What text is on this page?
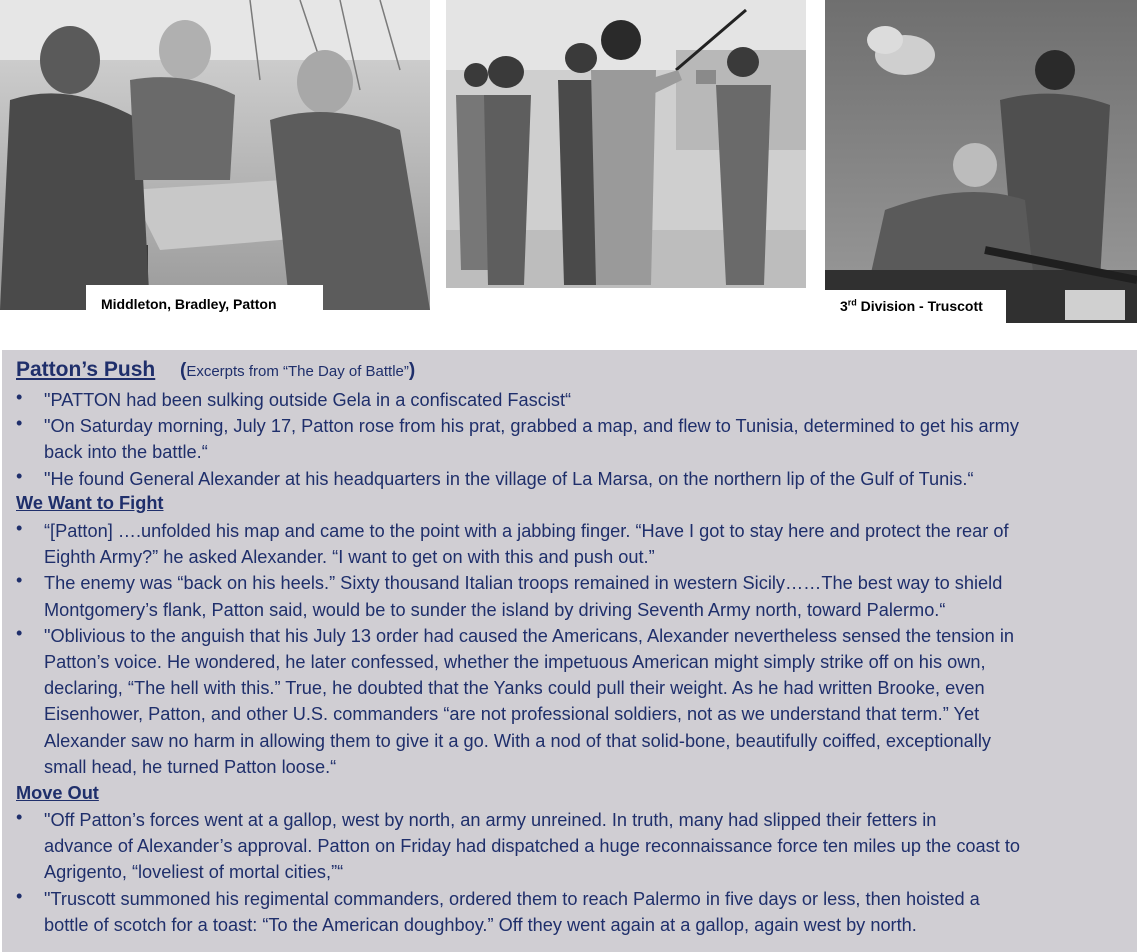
Middleton, Bradley, Patton	3rd Division - Truscott
Patton’s Push (Excerpts from “The Day of Battle”)
• "PATTON had been sulking outside Gela in a confiscated Fascist“
• "On Saturday morning, July 17, Patton rose from his prat, grabbed a map, and flew to Tunisia, determined to get his army
back into the battle.“
• "He found General Alexander at his headquarters in the village of La Marsa, on the northern lip of the Gulf of Tunis.“
We Want to Fight
• “[Patton] ….unfolded his map and came to the point with a jabbing finger. “Have I got to stay here and protect the rear of
Eighth Army?” he asked Alexander. “I want to get on with this and push out.”
• The enemy was “back on his heels.” Sixty thousand Italian troops remained in western Sicily……The best way to shield
Montgomery’s flank, Patton said, would be to sunder the island by driving Seventh Army north, toward Palermo.“
• "Oblivious to the anguish that his July 13 order had caused the Americans, Alexander nevertheless sensed the tension in
Patton’s voice. He wondered, he later confessed, whether the impetuous American might simply strike off on his own,
declaring, “The hell with this.” True, he doubted that the Yanks could pull their weight. As he had written Brooke, even
Eisenhower, Patton, and other U.S. commanders “are not professional soldiers, not as we understand that term.” Yet
Alexander saw no harm in allowing them to give it a go. With a nod of that solid-bone, beautifully coiffed, exceptionally
small head, he turned Patton loose.“
Move Out
• "Off Patton’s forces went at a gallop, west by north, an army unreined. In truth, many had slipped their fetters in
advance of Alexander’s approval. Patton on Friday had dispatched a huge reconnaissance force ten miles up the coast to
Agrigento, “loveliest of mortal cities,”“
• "Truscott summoned his regimental commanders, ordered them to reach Palermo in five days or less, then hoisted a
bottle of scotch for a toast: “To the American doughboy.” Off they went again at a gallop, again west by north.
